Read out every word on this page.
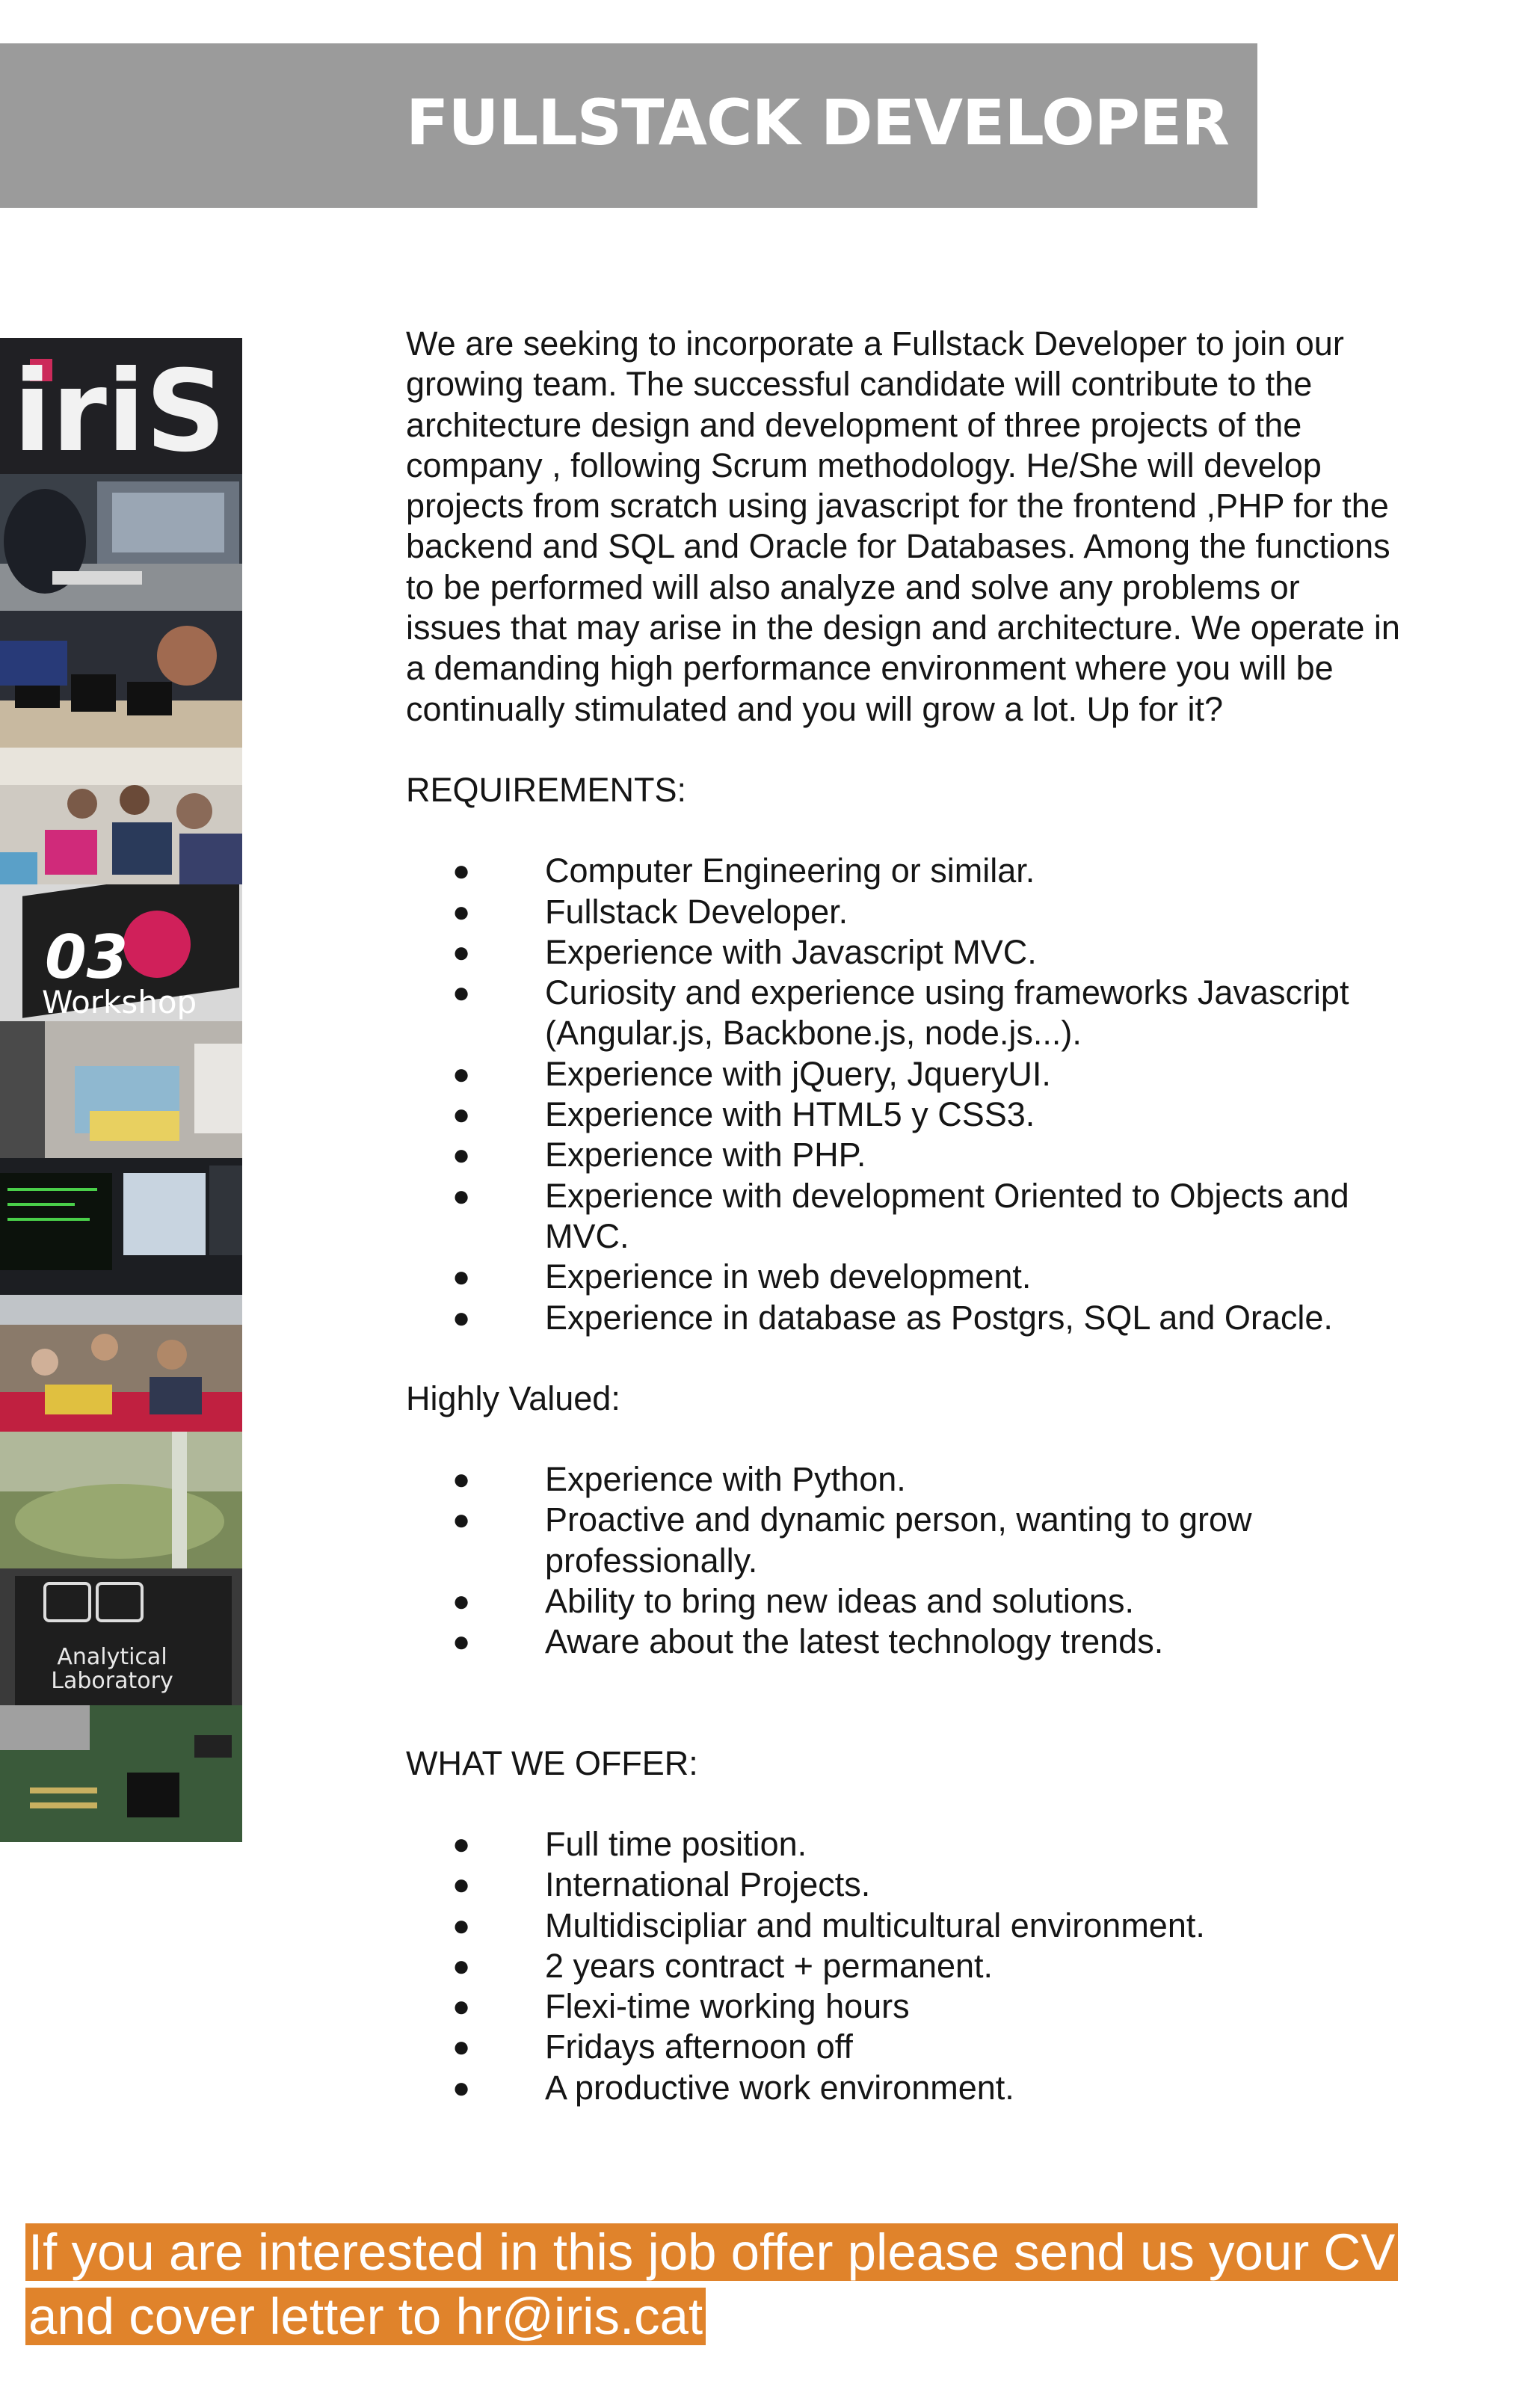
FULLSTACK DEVELOPER
iriS
03
Workshop
Analytical
Laboratory

We are seeking to incorporate a Fullstack Developer to join our growing team. The successful candidate will contribute to the architecture design and development of three projects of the company , following Scrum methodology. He/She will develop projects from scratch using javascript for the frontend ,PHP for the backend and SQL and Oracle for Databases. Among the functions to be performed will also analyze and solve any problems or issues that may arise in the design and architecture. We operate in a demanding high performance environment where you will be continually stimulated and you will grow a lot. Up for it?

REQUIREMENTS:

● Computer Engineering or similar.
● Fullstack Developer.
● Experience with Javascript MVC.
● Curiosity and experience using frameworks Javascript (Angular.js, Backbone.js, node.js...).
● Experience with jQuery, JqueryUI.
● Experience with HTML5 y CSS3.
● Experience with PHP.
● Experience with development Oriented to Objects and MVC.
● Experience in web development.
● Experience in database as Postgrs, SQL and Oracle.

Highly Valued:

● Experience with Python.
● Proactive and dynamic person, wanting to grow professionally.
● Ability to bring new ideas and solutions.
● Aware about the latest technology trends.

WHAT WE OFFER:

● Full time position.
● International Projects.
● Multidiscipliar and multicultural environment.
● 2 years contract + permanent.
● Flexi-time working hours
● Fridays afternoon off
● A productive work environment.
If you are interested in this job offer please send us your CV and cover letter to hr@iris.cat
